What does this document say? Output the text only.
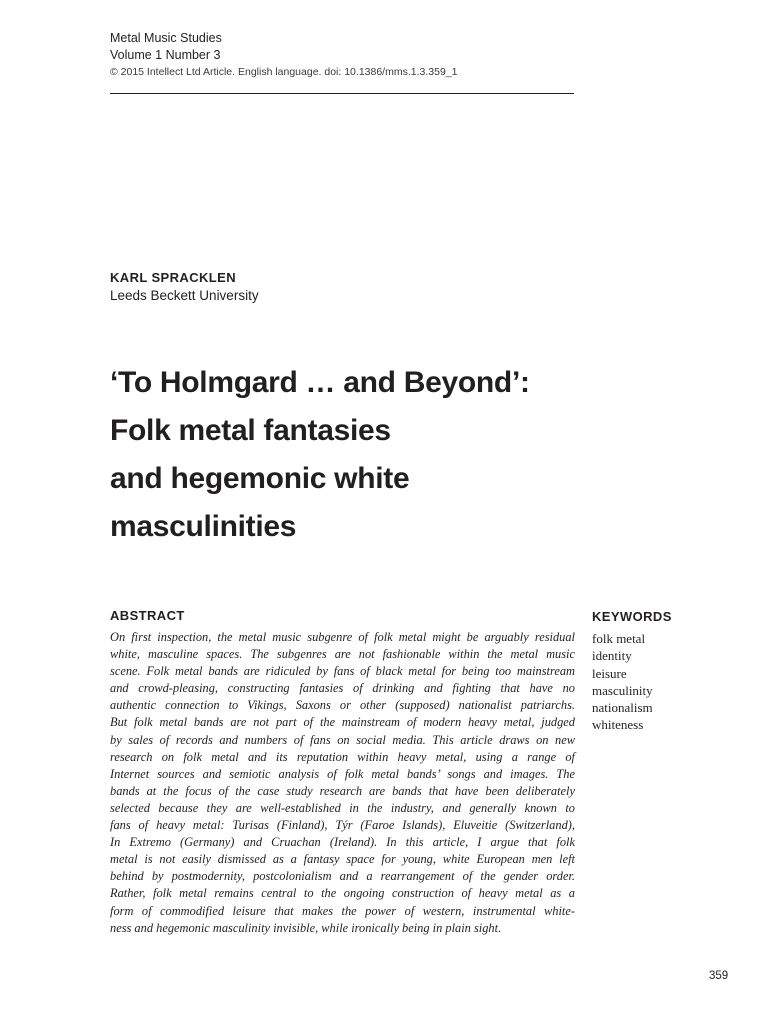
Metal Music Studies
Volume 1 Number 3
© 2015 Intellect Ltd Article. English language. doi: 10.1386/mms.1.3.359_1
KARL SPRACKLEN
Leeds Beckett University
‘To Holmgard … and Beyond’:
Folk metal fantasies
and hegemonic white
masculinities
ABSTRACT
On first inspection, the metal music subgenre of folk metal might be arguably residual
white, masculine spaces. The subgenres are not fashionable within the metal music
scene. Folk metal bands are ridiculed by fans of black metal for being too mainstream
and crowd-pleasing, constructing fantasies of drinking and fighting that have no
authentic connection to Vikings, Saxons or other (supposed) nationalist patriarchs.
But folk metal bands are not part of the mainstream of modern heavy metal, judged
by sales of records and numbers of fans on social media. This article draws on new
research on folk metal and its reputation within heavy metal, using a range of
Internet sources and semiotic analysis of folk metal bands’ songs and images. The
bands at the focus of the case study research are bands that have been deliberately
selected because they are well-established in the industry, and generally known to
fans of heavy metal: Turisas (Finland), Týr (Faroe Islands), Eluveitie (Switzerland),
In Extremo (Germany) and Cruachan (Ireland). In this article, I argue that folk
metal is not easily dismissed as a fantasy space for young, white European men left
behind by postmodernity, postcolonialism and a rearrangement of the gender order.
Rather, folk metal remains central to the ongoing construction of heavy metal as a
form of commodified leisure that makes the power of western, instrumental white-
ness and hegemonic masculinity invisible, while ironically being in plain sight.
KEYWORDS
folk metal
identity
leisure
masculinity
nationalism
whiteness
359
